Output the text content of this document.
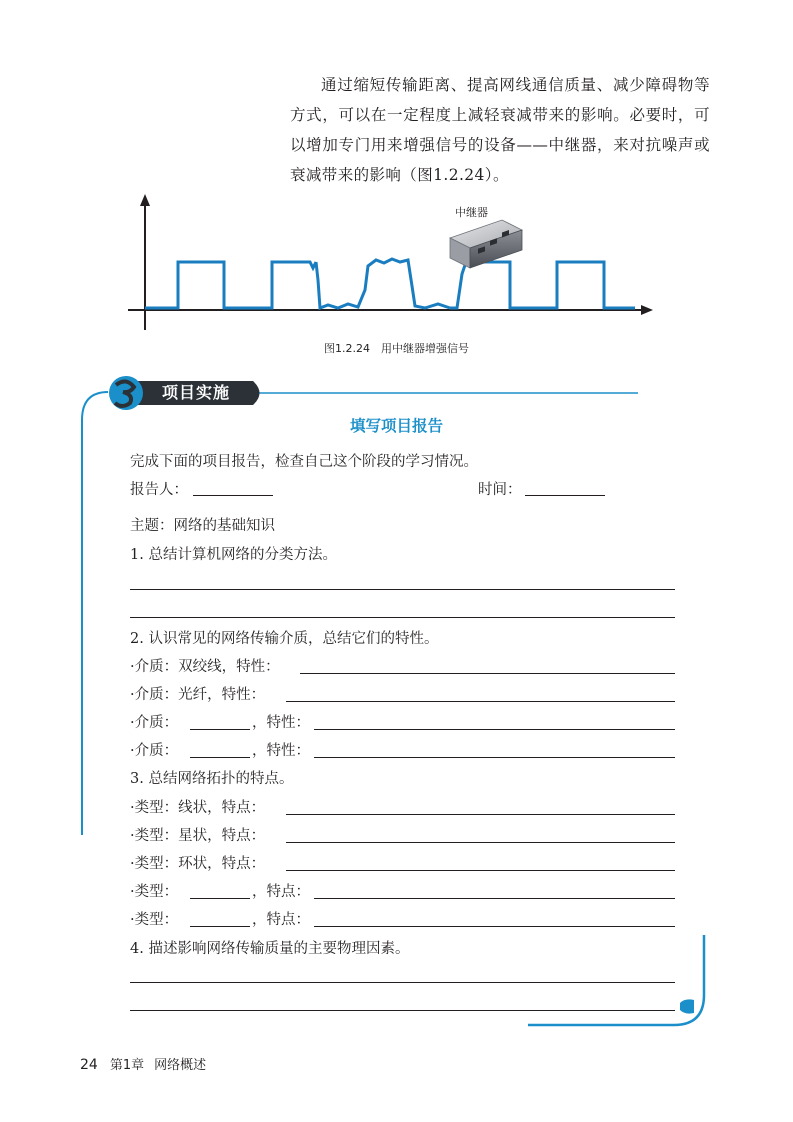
通过缩短传输距离、提高网线通信质量、减少障碍物等方式，可以在一定程度上减轻衰减带来的影响。必要时，可以增加专门用来增强信号的设备——中继器，来对抗噪声或衰减带来的影响（图1.2.24）。

中继器
图1.2.24　用中继器增强信号
项目实施
填写项目报告
完成下面的项目报告，检查自己这个阶段的学习情况。
报告人：	时间：
主题：网络的基础知识
1. 总结计算机网络的分类方法。
2. 认识常见的网络传输介质，总结它们的特性。
·介质：双绞线，特性：
·介质：光纤，特性：
·介质：	，特性：
·介质：	，特性：
3. 总结网络拓扑的特点。
·类型：线状，特点：
·类型：星状，特点：
·类型：环状，特点：
·类型：	，特点：
·类型：	，特点：
4. 描述影响网络传输质量的主要物理因素。
24 第1章 网络概述
